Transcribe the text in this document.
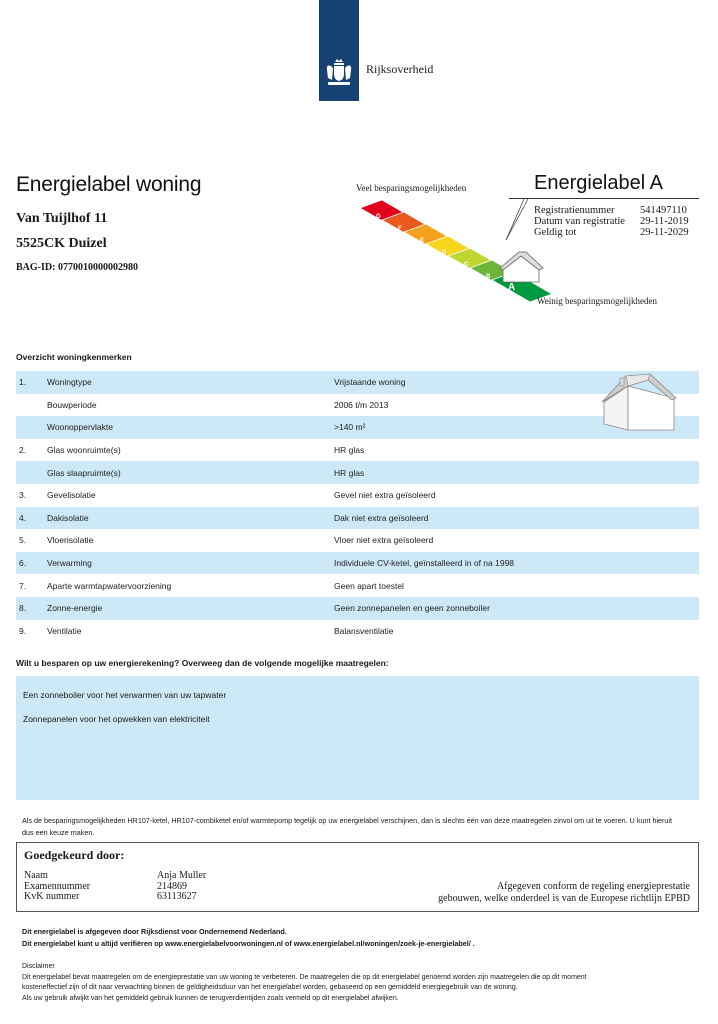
Rijksoverheid
Energielabel woning
Van Tuijlhof 11
5525CK Duizel
BAG-ID: 0770010000002980
Veel besparingsmogelijkheden
G
F
E
D
C
B
A
Weinig besparingsmogelijkheden
Energielabel A
Registratienummer	541497110
Datum van registratie	29-11-2019
Geldig tot	29-11-2029
Overzicht woningkenmerken
1.	Woningtype	Vrijstaande woning
Bouwperiode	2006 t/m 2013
Woonoppervlakte	>140 m²
2.	Glas woonruimte(s)	HR glas
Glas slaapruimte(s)	HR glas
3.	Gevelisolatie	Gevel niet extra geïsoleerd
4.	Dakisolatie	Dak niet extra geïsoleerd
5.	Vloerisolatie	Vloer niet extra geïsoleerd
6.	Verwarming	Individuele CV-ketel, geïnstalleerd in of na 1998
7.	Aparte warmtapwatervoorziening	Geen apart toestel
8.	Zonne-energie	Geen zonnepanelen en geen zonneboiler
9.	Ventilatie	Balansventilatie
Wilt u besparen op uw energierekening? Overweeg dan de volgende mogelijke maatregelen:
Een zonneboiler voor het verwarmen van uw tapwater
Zonnepanelen voor het opwekken van elektriciteit
Als de besparingsmogelijkheden HR107-ketel, HR107-combiketel en/of warmtepomp tegelijk op uw energielabel verschijnen, dan is slechts één van deze maatregelen zinvol om uit te voeren. U kunt hieruit dus een keuze maken.
Goedgekeurd door:
Naam	Anja Muller
Examennummer	214869
KvK nummer	63113627
Afgegeven conform de regeling energieprestatie
gebouwen, welke onderdeel is van de Europese richtlijn EPBD
Dit energielabel is afgegeven door Rijksdienst voor Ondernemend Nederland.
Dit energielabel kunt u altijd verifiëren op www.energielabelvoorwoningen.nl of www.energielabel.nl/woningen/zoek-je-energielabel/ .
Disclaimer
Dit energielabel bevat maatregelen om de energieprestatie van uw woning te verbeteren. De maatregelen die op dit energielabel genoemd worden zijn maatregelen die op dit moment
kosteneffectief zijn of dit naar verwachting binnen de geldigheidsduur van het energielabel worden, gebaseerd op een gemiddeld energiegebruik van de woning.
Als uw gebruik afwijkt van het gemiddeld gebruik kunnen de terugverdientijden zoals vermeld op dit energielabel afwijken.
